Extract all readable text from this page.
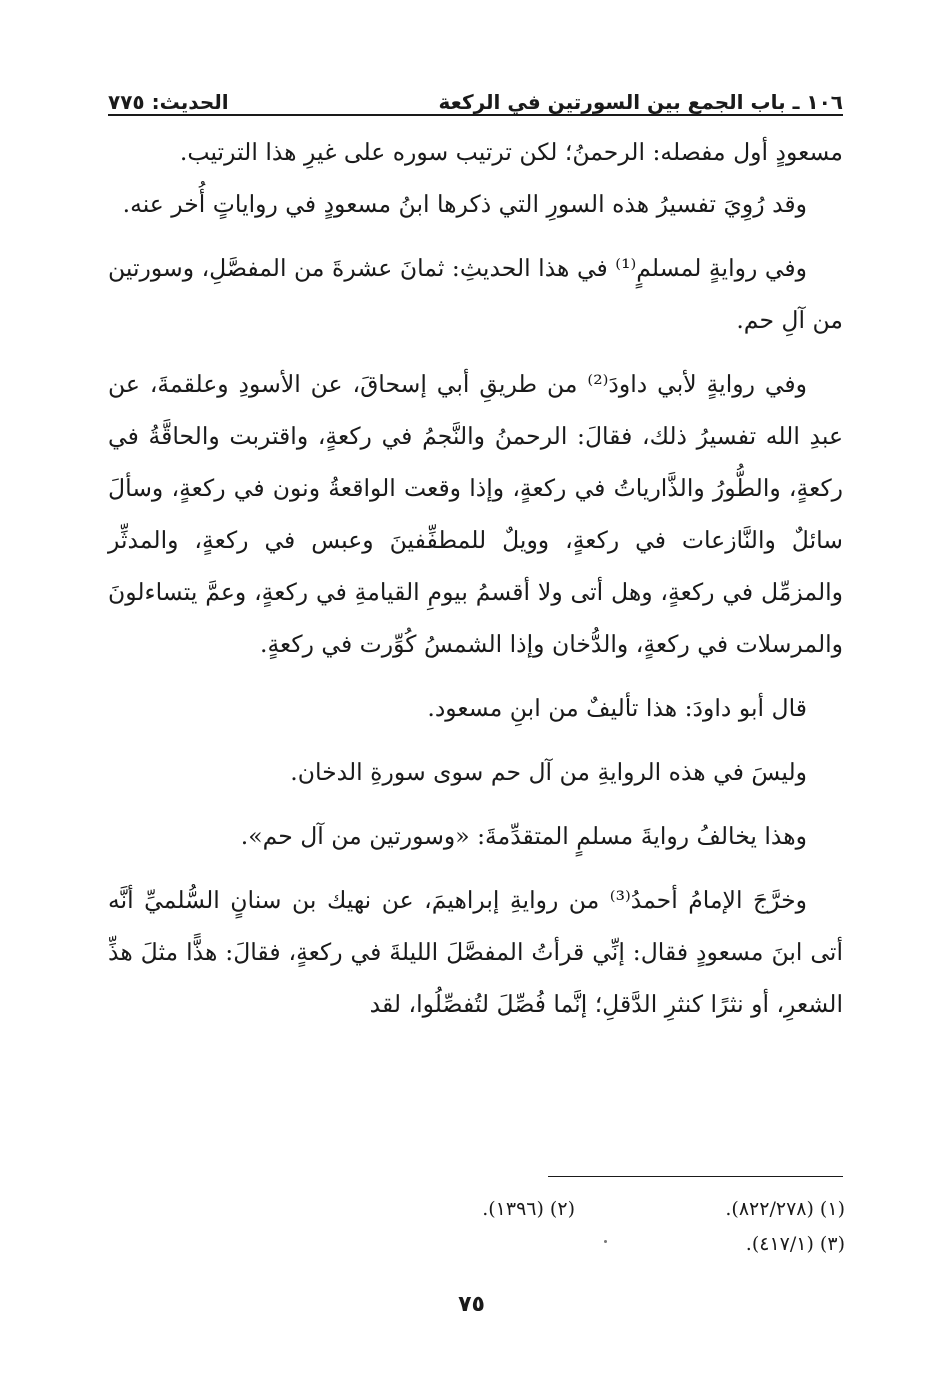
١٠٦ ـ باب الجمع بين السورتين في الركعة
الحديث: ٧٧٥

مسعودٍ أول مفصله: الرحمنُ؛ لكن ترتيب سوره على غيرِ هذا الترتيب.

وقد رُوِيَ تفسيرُ هذه السورِ التي ذكرها ابنُ مسعودٍ في رواياتٍ أُخر عنه.

وفي روايةٍ لمسلمٍ⁽¹⁾ في هذا الحديثِ: ثمانَ عشرةَ من المفصَّلِ، وسورتين من آلِ حم.

وفي روايةٍ لأبي داودَ⁽²⁾ من طريقِ أبي إسحاقَ، عن الأسودِ وعلقمةَ، عن عبدِ الله تفسيرُ ذلك، فقالَ: الرحمنُ والنَّجمُ في ركعةٍ، واقتربت والحاقَّةُ في ركعةٍ، والطُّورُ والذَّارياتُ في ركعةٍ، وإذا وقعت الواقعةُ ونون في ركعةٍ، وسألَ سائلٌ والنَّازعات في ركعةٍ، وويلٌ للمطفِّفينَ وعبس في ركعةٍ، والمدثِّر والمزمِّل في ركعةٍ، وهل أتى ولا أقسمُ بيومِ القيامةِ في ركعةٍ، وعمَّ يتساءلونَ والمرسلات في ركعةٍ، والدُّخان وإذا الشمسُ كُوِّرت في ركعةٍ.

قال أبو داودَ: هذا تأليفٌ من ابنِ مسعود.

وليسَ في هذه الروايةِ من آل حم سوى سورةِ الدخان.

وهذا يخالفُ روايةَ مسلمٍ المتقدِّمةَ: «وسورتين من آل حم».

وخرَّجَ الإمامُ أحمدُ⁽³⁾ من روايةِ إبراهيمَ، عن نهيك بن سنانٍ السُّلميِّ أنَّه أتى ابنَ مسعودٍ فقال: إنِّي قرأتُ المفصَّلَ الليلةَ في ركعةٍ، فقالَ: هذًّا مثلَ هذِّ الشعرِ، أو نثرًا كنثرِ الدَّقلِ؛ إنَّما فُصِّلَ لتُفصِّلُوا، لقد

(١) (٨٢٢/٢٧٨).
(٢) (١٣٩٦).
(٣) (٤١٧/١).
٧٥
